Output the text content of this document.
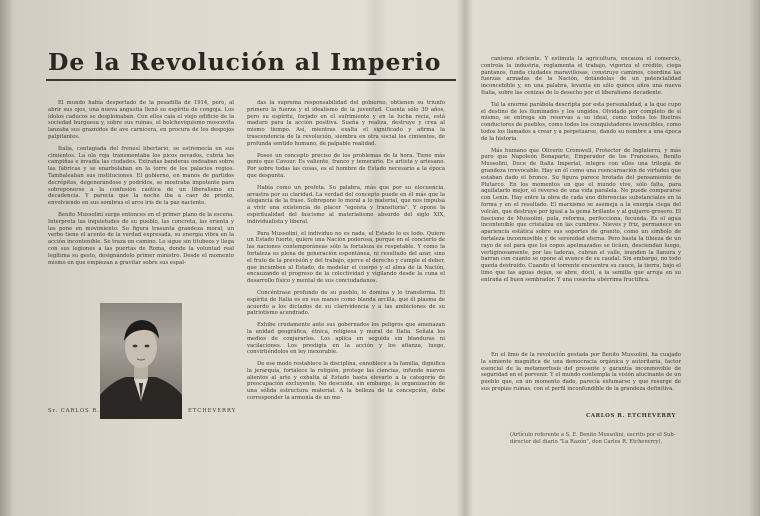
De la Revolución al Imperio

El mundo había despertado de la pesadilla de 1914, pero, al abrir sus ojos, una nueva angustia llenó su espíritu de congoja. Los ídolos caducos se desplomaban. Con ellos caía el viejo edificio de la sociedad burguesa y, sobre sus ruinas, el bolcheviquismo moscovita lanzaba sus graznidos de ave carnicera, en procura de los despojos palpitantes.

Italia, contagiada del frenesí libertario, se estremecía en sus cimientos. La ola roja transmontaba los picos nevados, cubría las campiñas e invadía las ciudades. Extrañas banderas ondeaban sobre las fábricas y se enarbolaban en la torre de los palacios regios. Tambaleaban sus instituciones. El gobierno, en manos de partidos decrépitos, degenerándose y podridos, se mostraba impotente para sobreponerse a la confusión caótica de un liberalismo en decadencia. Y parecía que la noche iba a caer de pronto, envolviendo en sus sombras el arco iris de la paz naciente.

Benito Mussolini surge entonces en el primer plano de la escena. Interpreta las inquietudes de su pueblo, las concreta, las orienta y las pone en movimiento. Su figura trasunta grandeza moral, un verbo tiene el acento de la verdad expresada, su energía vibra en la acción incontenible. Se traza un camino. Lo sigue sin titubeos y llega con sus legiones a las puertas de Roma, donde la voluntad real legítima su gesto, designándolo primer ministro. Desde el momento mismo en que empiezan a gravitar sobre sus espal-

Sr. CARLOS R.	ETCHEVERRY

das la suprema responsabilidad del gobierno, obtienen su triunfo primero la fuerza y el idealismo de la juventud. Cuenta sólo 39 años, pero su espíritu, forjado en el sufrimiento y en la lucha recia, está maduro para la acción positiva. Sueña y realiza, destruye y crea al mismo tiempo. Así, mientras exalta el significado y afirma la trascendencia de la revolución, siembra en otra social los cimientos, de profunda sentido humano, de palpable realidad.

Posee un concepto preciso de los problemas de la hora. Tiene más genio que Cavour. Es valiente, franco y temerario. Es artista y artesano. Por sobre todas las cosas, es el hombre de Estado necesario a la época que despunta.

Había como un profeta. Su palabra, más que por su elocuencia, arrastra por su claridad. La verdad del concepto puede en él más que la elegancia de la frase. Sobrepone lo moral a lo material, que nos impulsa a vivir una existencia de placer "egoísta y transitoria". Y opone la espiritualidad del fascismo al materialismo absurdo del siglo XIX, individualista y liberal.

Para Mussolini, el individuo no es nada, el Estado lo es todo. Quiere un Estado fuerte, quiere una Nación poderosa, porque en el concierto de las naciones contemporáneas sólo la fortaleza es respetable. Y como la fortaleza es plena de generación espontánea, ni resultado del azar, sino el fruto de la previsión y del trabajo, ejerce el derecho y cumple el deber, que incumben al Estado, de modelar el cuerpo y el alma de la Nación, encauzando el progreso de la colectividad y vigilando desde la cuna el desarrollo físico y mental de sus conciudadanos.

Concéntrase profundo de su pueblo, lo domina y lo transforma. El espíritu de Italia es en sus manos como blanda arcilla, que él plasma de acuerdo a los dictados de su clarividencia y a las ambiciones de su patriotismo acendrado.

Exhibe crudamente ante sus gobernados los peligros que amenazan la unidad geográfica, étnica, religiosa y moral de Italia. Señala los medios de conjurarlos. Los aplica en seguida sin blanduras ni vacilaciones. Los prestigia en la acción y los afianza, luego, convirtiéndolos en ley inexorable.

De ese modo restablece la disciplina, ennoblece a la familia, dignifica la jerarquía, fortalece la religión, protege las ciencias, infunde nuevos alientos al arte y exhalta al Estado hasta elevarlo a la categoría de preocupación excluyente. No descuida, sin embargo, la organización de una sólida estructura material. A la belleza de la concepción, debe corresponder la armonía de un me-

canismo eficiente. Y estimula la agricultura, encauza el comercio, controla la industria, reglamenta el trabajo, vigoriza el crédito, ciega pantanos, funda ciudades maravillosas, construye caminos, coordina las fuerzas armadas de la Nación, dotándolas de un potencialidad inconcebible y, en una palabra, levanta en sólo quince años una nueva Italia, sobre las cenizas de lo desecho por el liberalismo decadente.

Tal la enorme parábola descripta por esta personalidad, a la que cupo el destino de los iluminados y los ungidos. Olvidado por completo de sí mismo, se entrega sin reservas a su ideal, como todos los lluetres conductores de pueblos, como todos los conquistadores invencibles, como todos los llamados a crear y a perpetuarse, dando su nombre a una época de la historia.

Más humano que Oliverio Cromwell, Protector de Inglaterra, y más puro que Napoleón Bonaparte, Emperador de los Franceses, Benito Mussolini, Duce de Italia Imperial, integra con ellos una trilogía de grandeza irrevocable. Hay en él como una reencarnación de virtudes que estaban dado el bronce. Su figura parece brotada del pensamiento de Plutarco. En los momentos en que el mundo vive, sólo falta, para aquilatarlo mejor, el reverso de una vida paralela. No puede compararse con Lenin. Hay entre la obra de cada uno diferencias substanciales en la forma y en el resultado. El marxismo se asemeja a la energía ciega del volcán, que destruye por igual a la gema brillante y al guijarro grosero. El fascismo de Mussolini, pula, reforma, perfecciona, fecunda. Es el agua incontenible que cristaliza en las cumbres. Nieves y friz, permanece en apariencia estática sobre sus soportes de granito, como un símbolo de fortaleza inconmovible y de serenidad eterna. Pero basta la tibieza de un rayo de sol para que los copos apelmazados se licúen, desciendan luego, vertiginosamente, por las laderas, cubran el valle, inunden la llanura y barran con cuanto se opone al avance de su caudal. Sin embargo, no todo queda destruido. Cuando el torrente encuentra su cauce, la tierra, bajo el limo que las aguas dejan, se abre, dócil, a la semilla que arroja en su entraña el buen sembrador. Y una cosecha ubérrima fructifica.

En el limo de la revolución gestada por Benito Mussolini, ha cuajado la simiente magnífica de una democracia orgánica y autoritaria, factor esencial de la metamorfosis del presente y garantía inconmovible de seguridad en el porvenir. Y el mundo contempla la visión alucinante de un pueblo que, en un momento dado, parecía esfumarse y que resurge de sus propias ruinas, con el perfil inconfundible de la grandeza definitiva.

CARLOS R. ETCHEVERRY

(Artículo referente a S. E. Benito Mussolini, escrito por el Sub-director del diario "La Razón", don Carlos R. Etcheverry).
